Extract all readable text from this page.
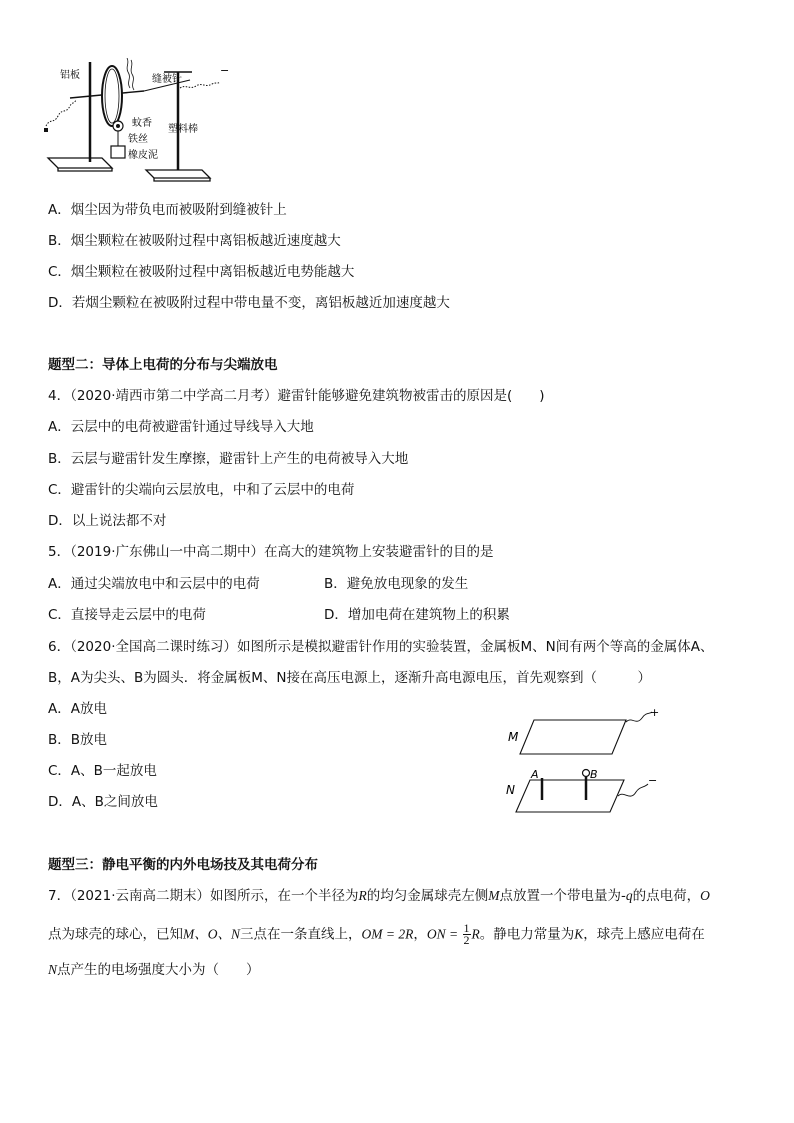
铝板	缝被针
−
蚊香
铁丝
塑料棒
橡皮泥
A．烟尘因为带负电而被吸附到缝被针上
B．烟尘颗粒在被吸附过程中离铝板越近速度越大
C．烟尘颗粒在被吸附过程中离铝板越近电势能越大
D．若烟尘颗粒在被吸附过程中带电量不变，离铝板越近加速度越大
题型二：导体上电荷的分布与尖端放电
4．（2020·靖西市第二中学高二月考）避雷针能够避免建筑物被雷击的原因是(　　)
A．云层中的电荷被避雷针通过导线导入大地
B．云层与避雷针发生摩擦，避雷针上产生的电荷被导入大地
C．避雷针的尖端向云层放电，中和了云层中的电荷
D．以上说法都不对
5．（2019·广东佛山一中高二期中）在高大的建筑物上安装避雷针的目的是
A．通过尖端放电中和云层中的电荷	B．避免放电现象的发生
C．直接导走云层中的电荷	D．增加电荷在建筑物上的积累
6．（2020·全国高二课时练习）如图所示是模拟避雷针作用的实验装置，金属板M、N间有两个等高的金属体A、
B，A为尖头、B为圆头．将金属板M、N接在高压电源上，逐渐升高电源电压，首先观察到（　　　）
A．A放电
B．B放电
C．A、B一起放电
D．A、B之间放电
+
M
−
N
A	B
题型三：静电平衡的内外电场技及其电荷分布
7．（2021·云南高二期末）如图所示，在一个半径为R的均匀金属球壳左侧M点放置一个带电量为-q的点电荷，O
点为球壳的球心，已知M、O、N三点在一条直线上，OM = 2R，ON = $\frac{1}{2}$ R。静电力常量为K，球壳上感应电荷在
N点产生的电场强度大小为（　　）
